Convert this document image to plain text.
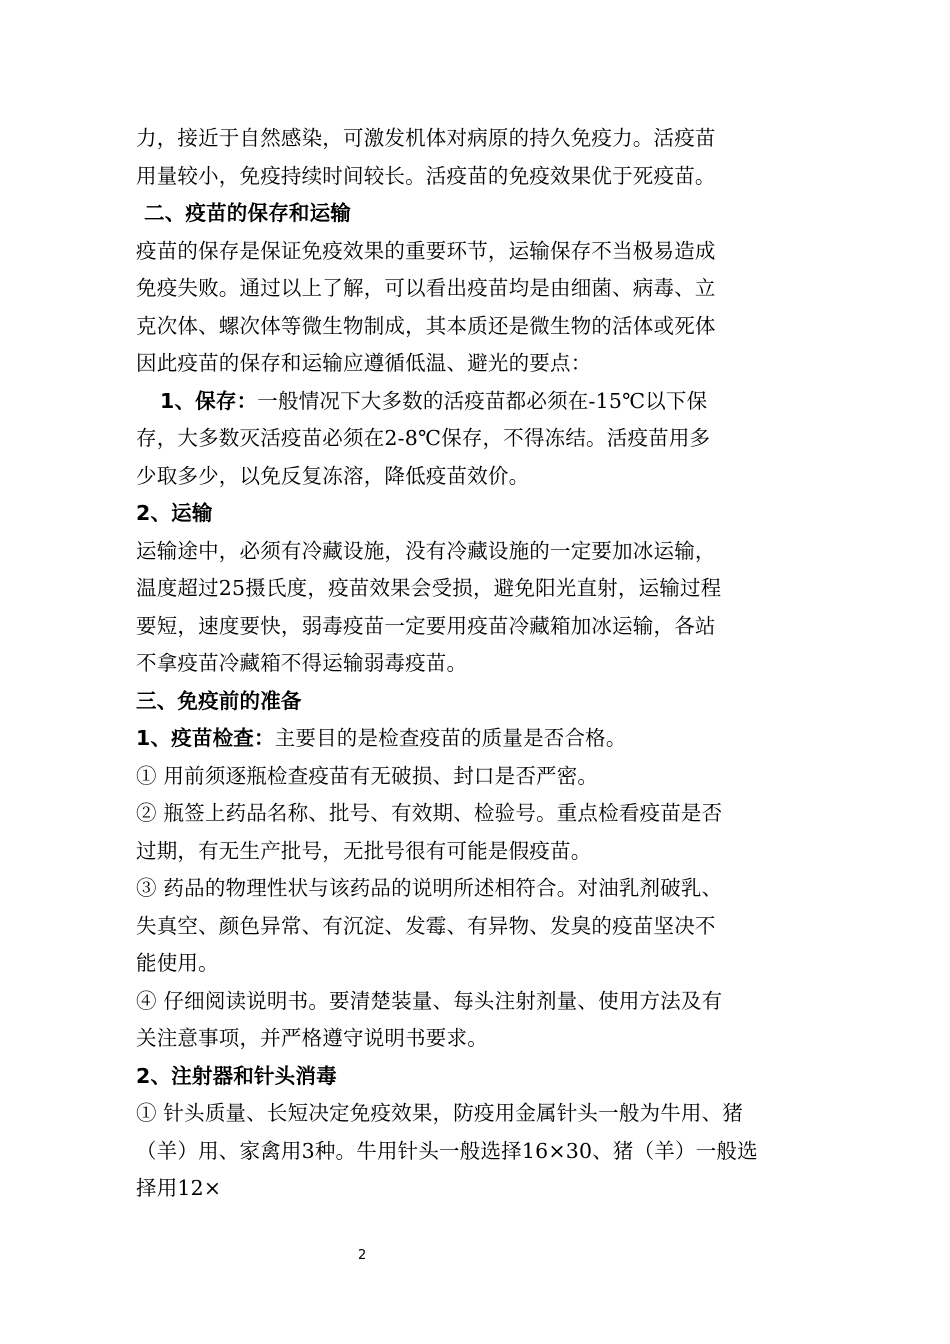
力，接近于自然感染，可激发机体对病原的持久免疫力。活疫苗
用量较小，免疫持续时间较长。活疫苗的免疫效果优于死疫苗。
二、疫苗的保存和运输
疫苗的保存是保证免疫效果的重要环节，运输保存不当极易造成
免疫失败。通过以上了解，可以看出疫苗均是由细菌、病毒、立
克次体、螺次体等微生物制成，其本质还是微生物的活体或死体
因此疫苗的保存和运输应遵循低温、避光的要点：
1、保存：一般情况下大多数的活疫苗都必须在-15℃以下保
存，大多数灭活疫苗必须在2-8℃保存，不得冻结。活疫苗用多
少取多少，以免反复冻溶，降低疫苗效价。
2、运输
运输途中，必须有冷藏设施，没有冷藏设施的一定要加冰运输，
温度超过25摄氏度，疫苗效果会受损，避免阳光直射，运输过程
要短，速度要快，弱毒疫苗一定要用疫苗冷藏箱加冰运输，各站
不拿疫苗冷藏箱不得运输弱毒疫苗。
三、免疫前的准备
1、疫苗检查：主要目的是检查疫苗的质量是否合格。
① 用前须逐瓶检查疫苗有无破损、封口是否严密。
② 瓶签上药品名称、批号、有效期、检验号。重点检看疫苗是否
过期，有无生产批号，无批号很有可能是假疫苗。
③ 药品的物理性状与该药品的说明所述相符合。对油乳剂破乳、
失真空、颜色异常、有沉淀、发霉、有异物、发臭的疫苗坚决不
能使用。
④ 仔细阅读说明书。要清楚装量、每头注射剂量、使用方法及有
关注意事项，并严格遵守说明书要求。
2、注射器和针头消毒
① 针头质量、长短决定免疫效果，防疫用金属针头一般为牛用、猪
（羊）用、家禽用3种。牛用针头一般选择16×30、猪（羊）一般选
择用12×
2
